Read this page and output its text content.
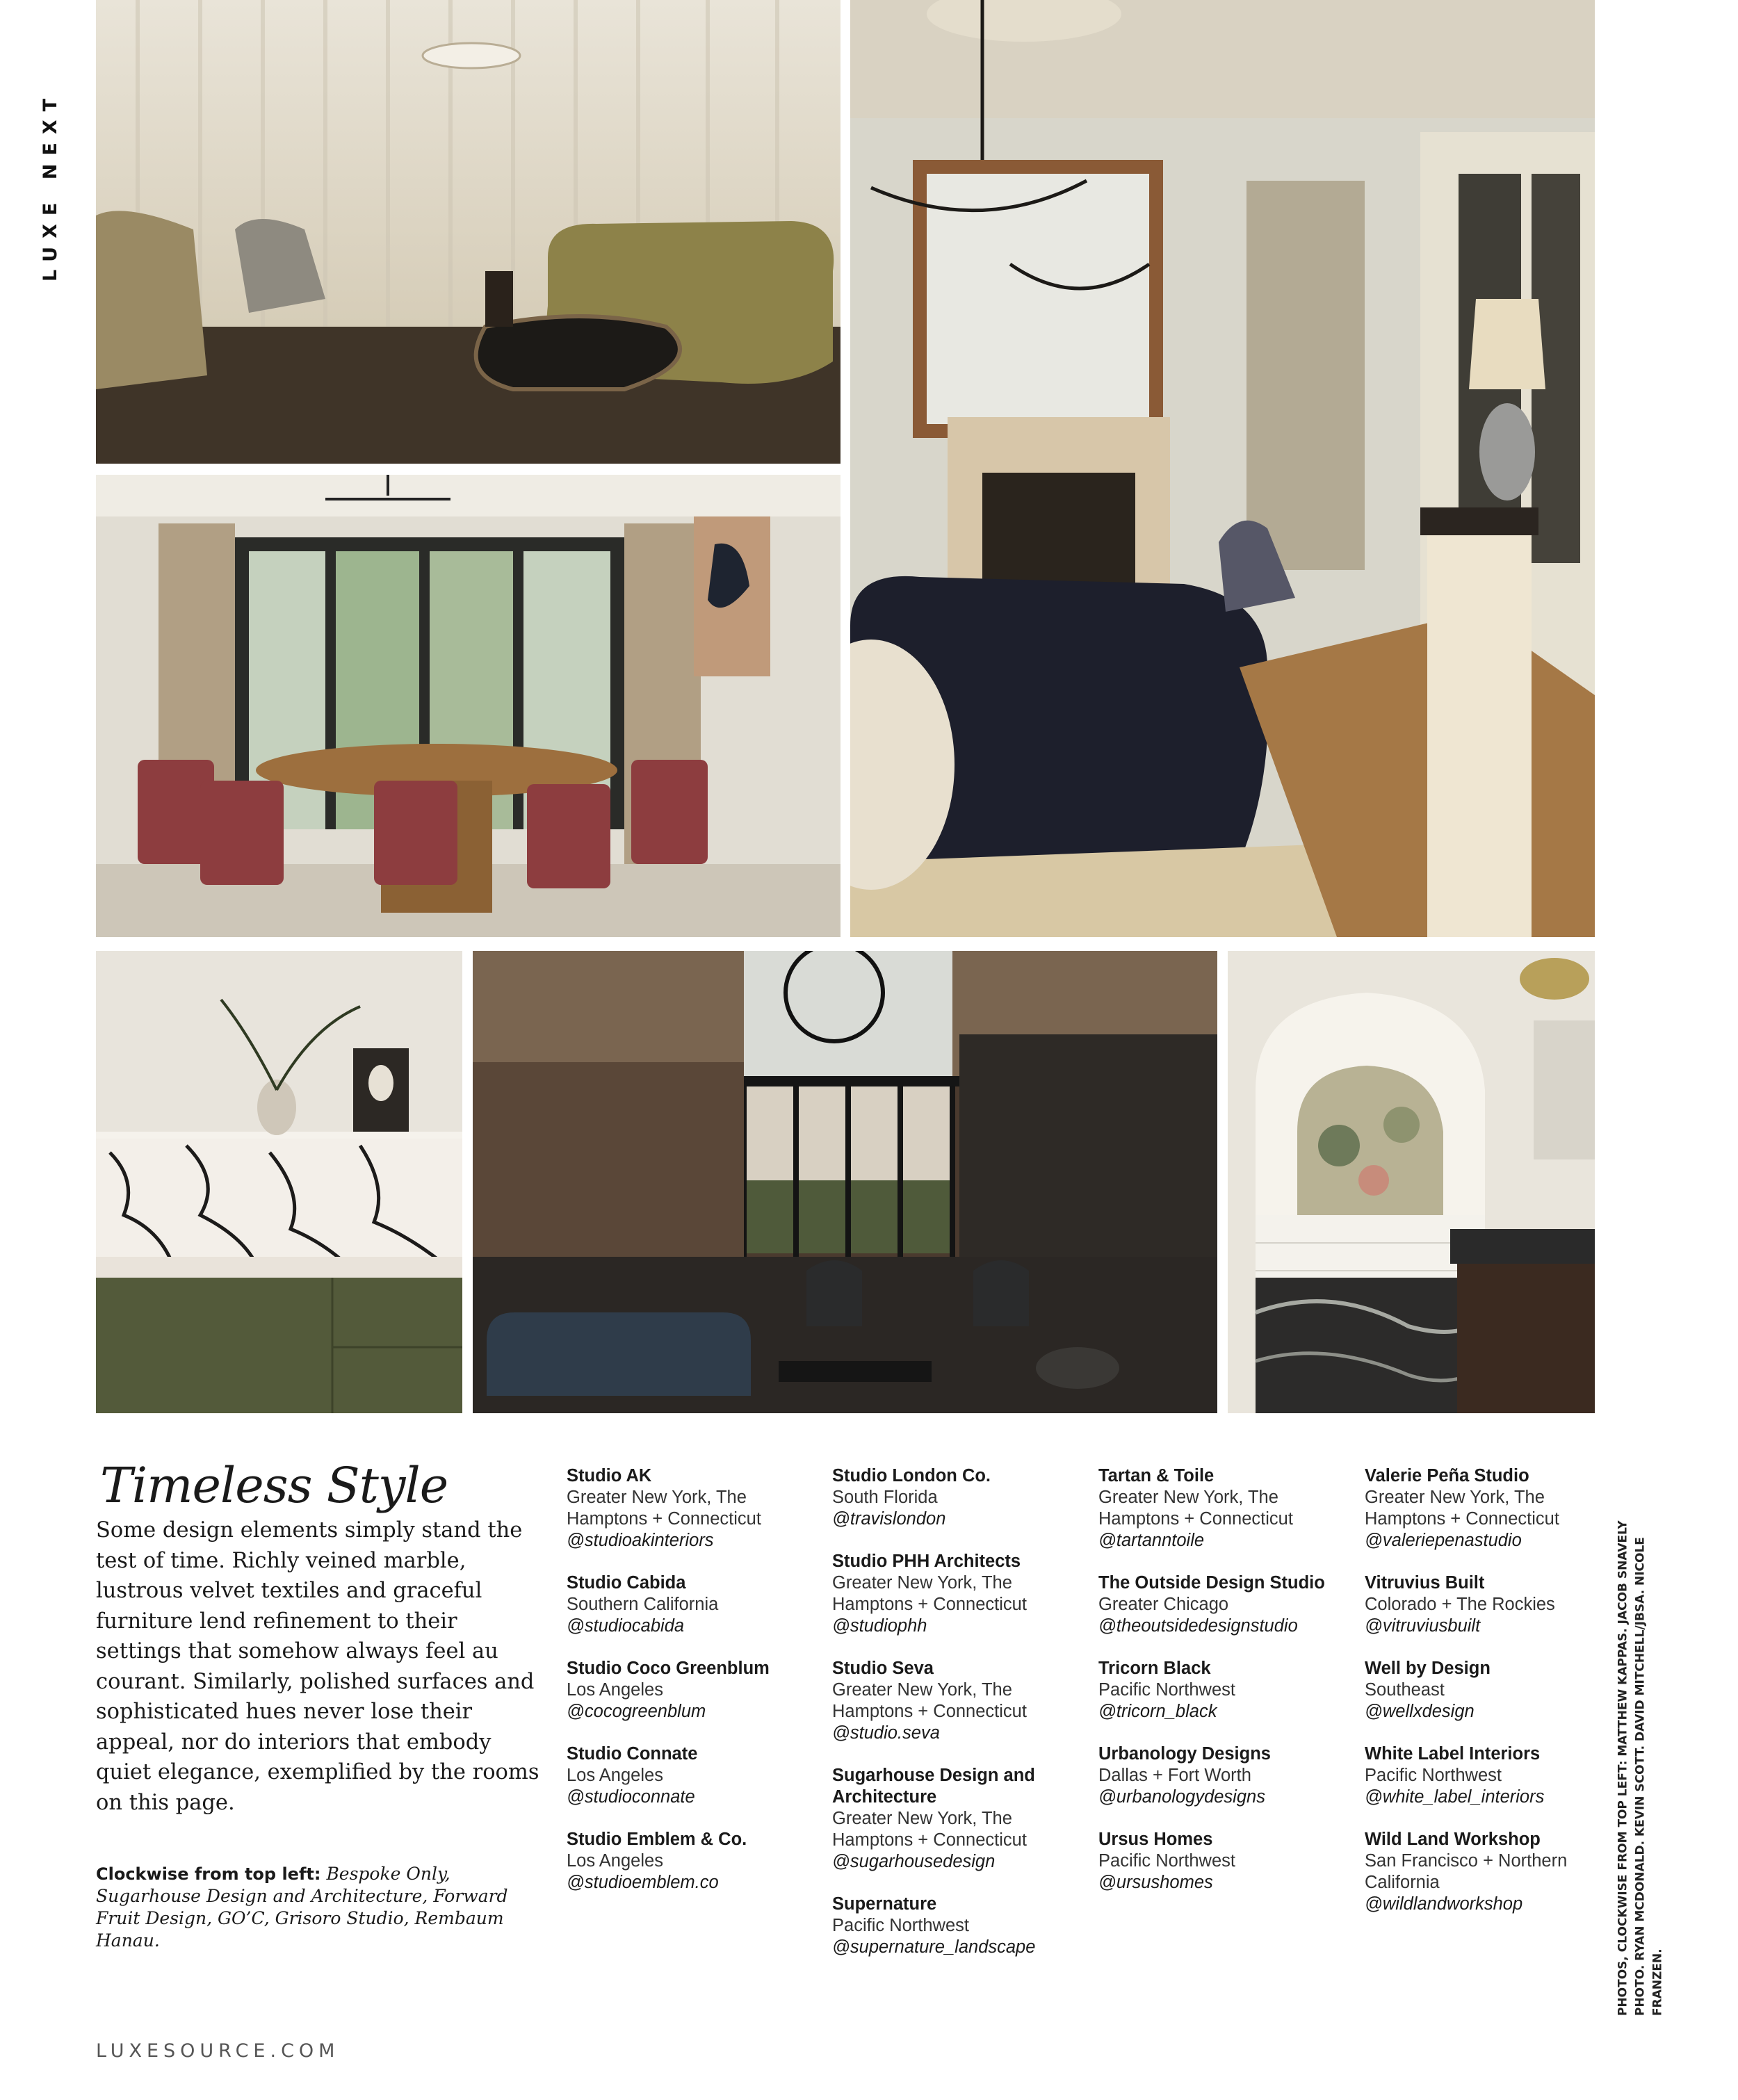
LUXE NEXT
Timeless Style

Some design elements simply stand the test of time. Richly veined marble, lustrous velvet textiles and graceful furniture lend refinement to their settings that somehow always feel au courant. Similarly, polished surfaces and sophisticated hues never lose their appeal, nor do interiors that embody quiet elegance, exemplified by the rooms on this page.

Clockwise from top left: Bespoke Only, Sugarhouse Design and Architecture, Forward Fruit Design, GO’C, Grisoro Studio, Rembaum Hanau.
Studio AK
Greater New York, The Hamptons + Connecticut
@studioakinteriors
Studio Cabida
Southern California
@studiocabida
Studio Coco Greenblum
Los Angeles
@cocogreenblum
Studio Connate
Los Angeles
@studioconnate
Studio Emblem & Co.
Los Angeles
@studioemblem.co
Studio London Co.
South Florida
@travislondon
Studio PHH Architects
Greater New York, The Hamptons + Connecticut
@studiophh
Studio Seva
Greater New York, The Hamptons + Connecticut
@studio.seva
Sugarhouse Design and Architecture
Greater New York, The Hamptons + Connecticut
@sugarhousedesign
Supernature
Pacific Northwest
@supernature_landscape
Tartan & Toile
Greater New York, The Hamptons + Connecticut
@tartanntoile
The Outside Design Studio
Greater Chicago
@theoutsidedesignstudio
Tricorn Black
Pacific Northwest
@tricorn_black
Urbanology Designs
Dallas + Fort Worth
@urbanologydesigns
Ursus Homes
Pacific Northwest
@ursushomes
Valerie Peña Studio
Greater New York, The Hamptons + Connecticut
@valeriepenastudio
Vitruvius Built
Colorado + The Rockies
@vitruviusbuilt
Well by Design
Southeast
@wellxdesign
White Label Interiors
Pacific Northwest
@white_label_interiors
Wild Land Workshop
San Francisco + Northern California
@wildlandworkshop	PHOTOS, CLOCKWISE FROM TOP LEFT: MATTHEW KAPPAS. JACOB SNAVELY PHOTO. RYAN MCDONALD. KEVIN SCOTT. DAVID MITCHELL/JBSA. NICOLE FRANZEN.
LUXESOURCE.COM
